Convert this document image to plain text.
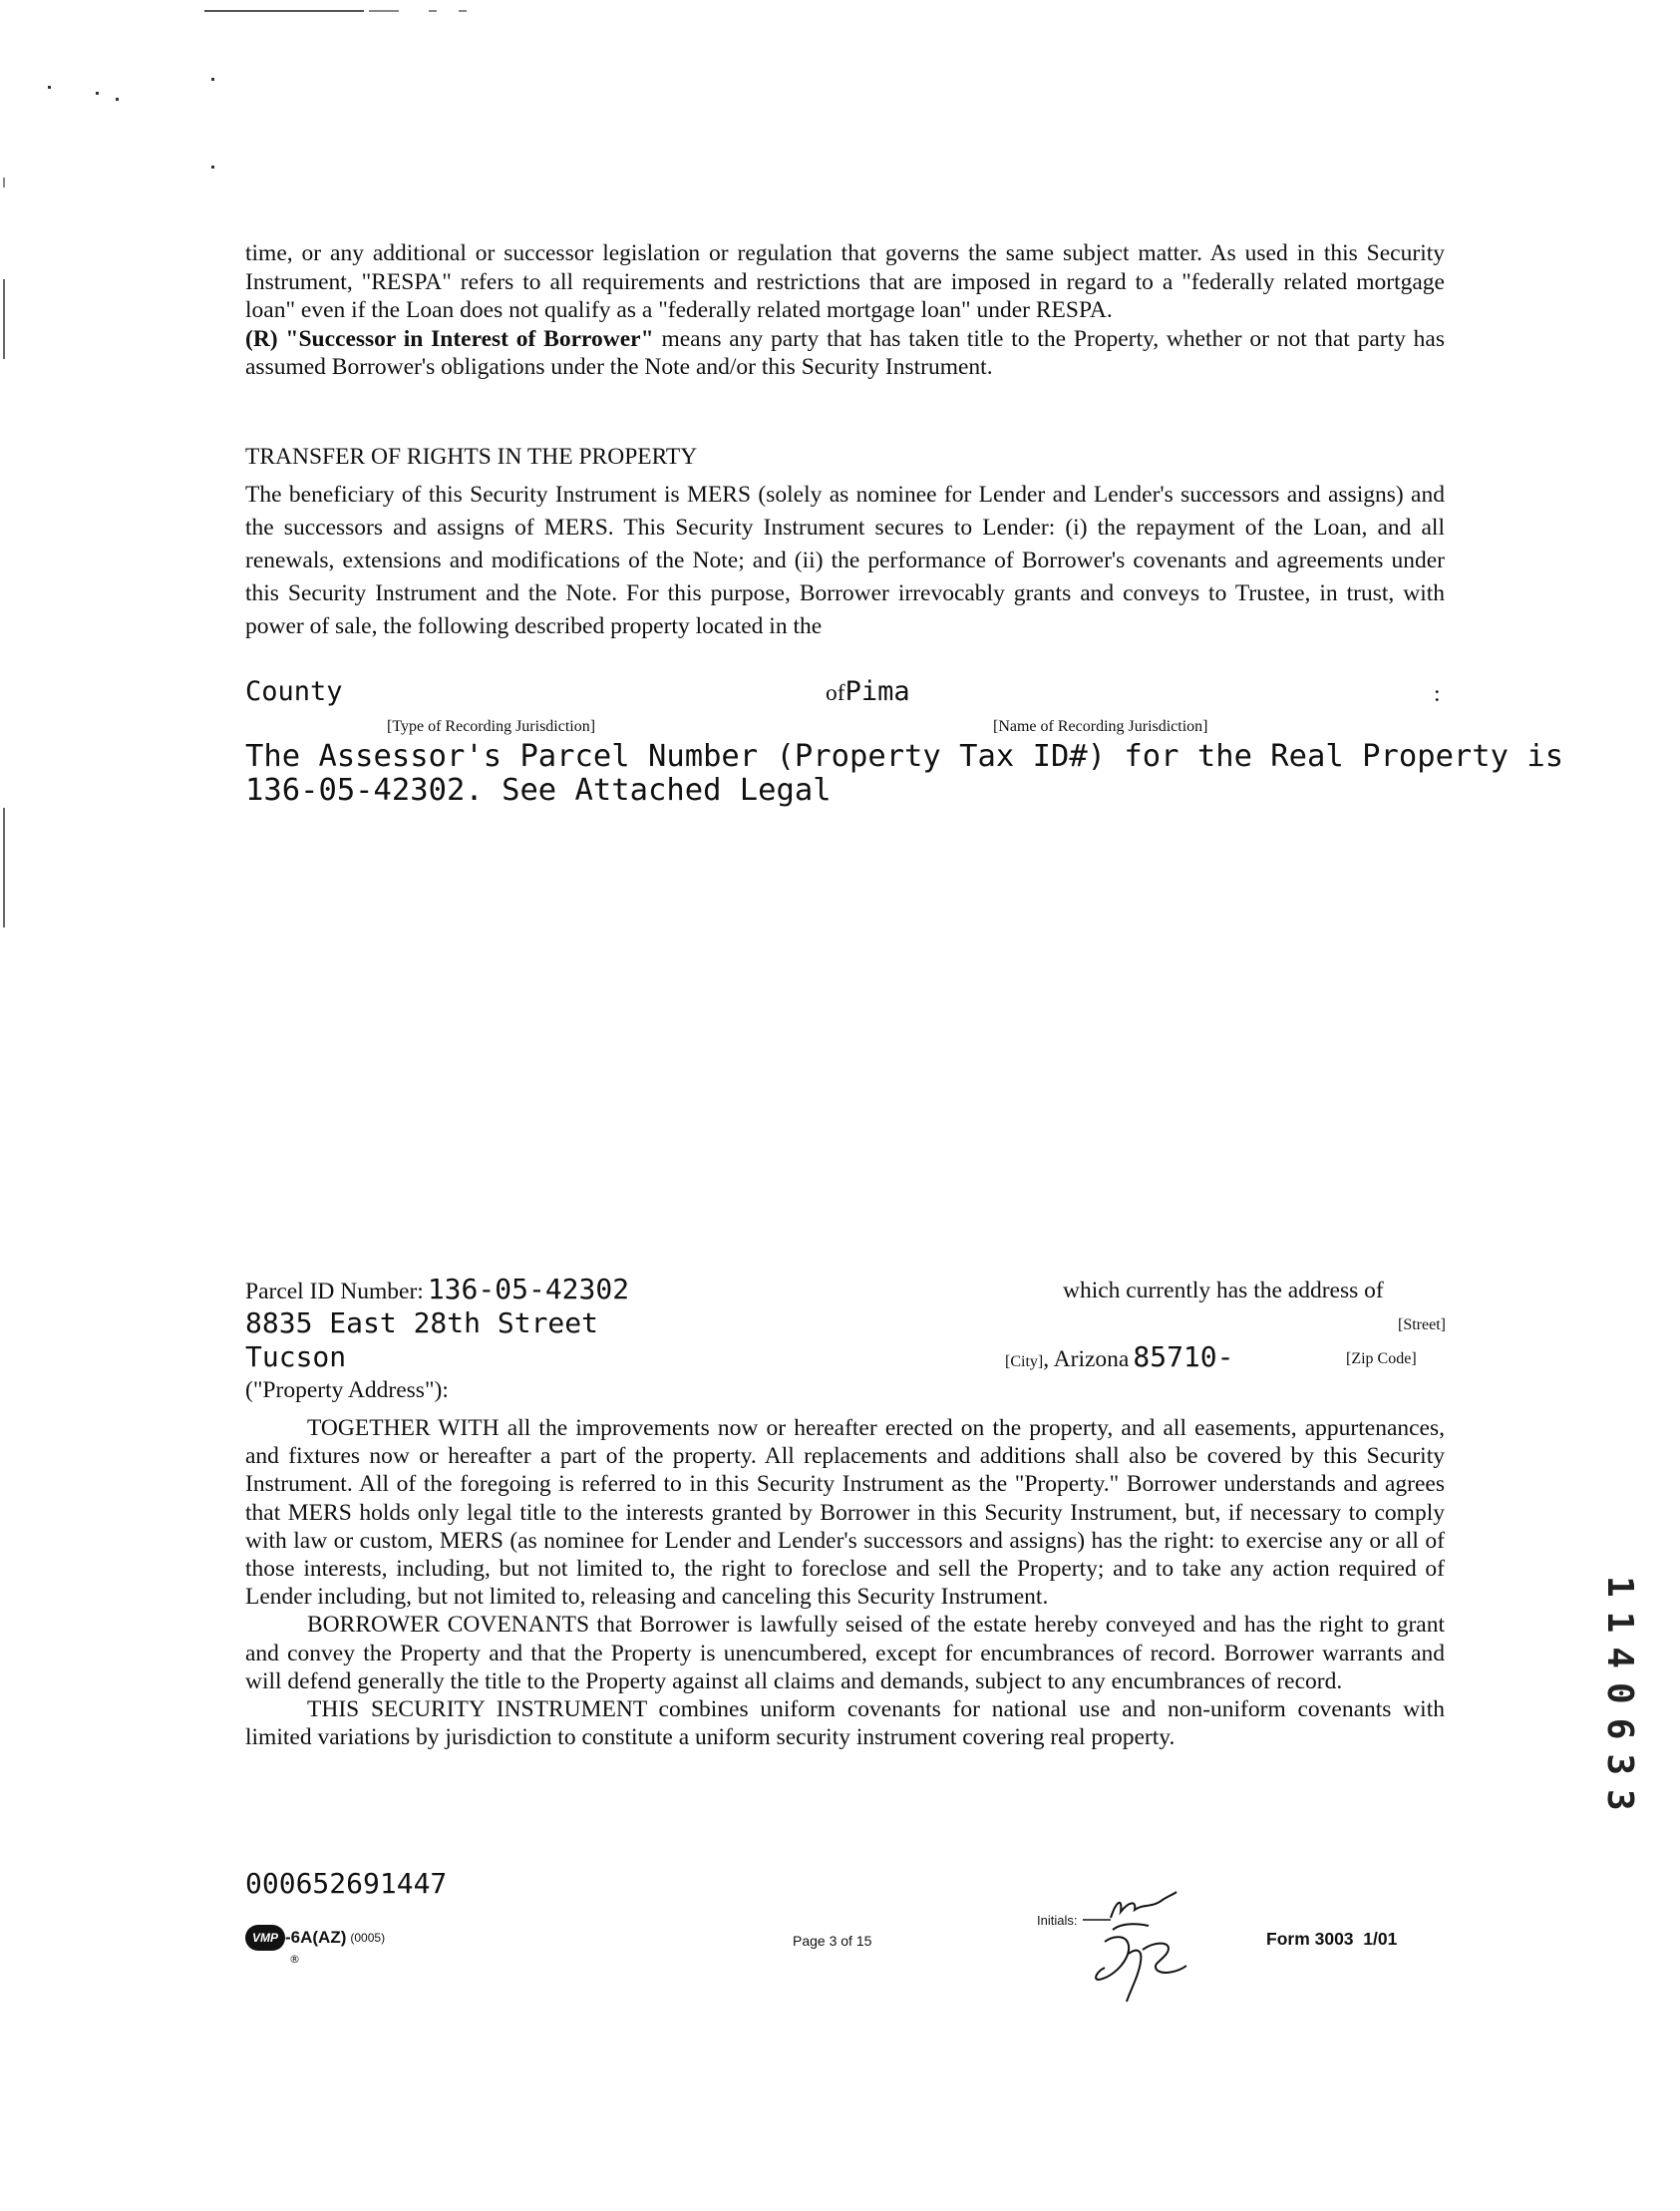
time, or any additional or successor legislation or regulation that governs the same subject matter. As used in this Security Instrument, "RESPA" refers to all requirements and restrictions that are imposed in regard to a "federally related mortgage loan" even if the Loan does not qualify as a "federally related mortgage loan" under RESPA.

(R) "Successor in Interest of Borrower" means any party that has taken title to the Property, whether or not that party has assumed Borrower's obligations under the Note and/or this Security Instrument.

TRANSFER OF RIGHTS IN THE PROPERTY
The beneficiary of this Security Instrument is MERS (solely as nominee for Lender and Lender's successors and assigns) and the successors and assigns of MERS. This Security Instrument secures to Lender: (i) the repayment of the Loan, and all renewals, extensions and modifications of the Note; and (ii) the performance of Borrower's covenants and agreements under this Security Instrument and the Note. For this purpose, Borrower irrevocably grants and conveys to Trustee, in trust, with power of sale, the following described property located in the
County	ofPima	:
[Type of Recording Jurisdiction]	[Name of Recording Jurisdiction]
The Assessor's Parcel Number (Property Tax ID#) for the Real Property is
136-05-42302. See Attached Legal
Parcel ID Number: 136-05-42302	which currently has the address of
8835 East 28th Street	[Street]
Tucson	[City], Arizona 85710-	[Zip Code]
("Property Address"):

TOGETHER WITH all the improvements now or hereafter erected on the property, and all easements, appurtenances, and fixtures now or hereafter a part of the property. All replacements and additions shall also be covered by this Security Instrument. All of the foregoing is referred to in this Security Instrument as the "Property." Borrower understands and agrees that MERS holds only legal title to the interests granted by Borrower in this Security Instrument, but, if necessary to comply with law or custom, MERS (as nominee for Lender and Lender's successors and assigns) has the right: to exercise any or all of those interests, including, but not limited to, the right to foreclose and sell the Property; and to take any action required of Lender including, but not limited to, releasing and canceling this Security Instrument.

BORROWER COVENANTS that Borrower is lawfully seised of the estate hereby conveyed and has the right to grant and convey the Property and that the Property is unencumbered, except for encumbrances of record. Borrower warrants and will defend generally the title to the Property against all claims and demands, subject to any encumbrances of record.

THIS SECURITY INSTRUMENT combines uniform covenants for national use and non-uniform covenants with limited variations by jurisdiction to constitute a uniform security instrument covering real property.

000652691447
VMP -6A(AZ) (0005)
®
Page 3 of 15
Initials:
Form 3003  1/01
1140633
